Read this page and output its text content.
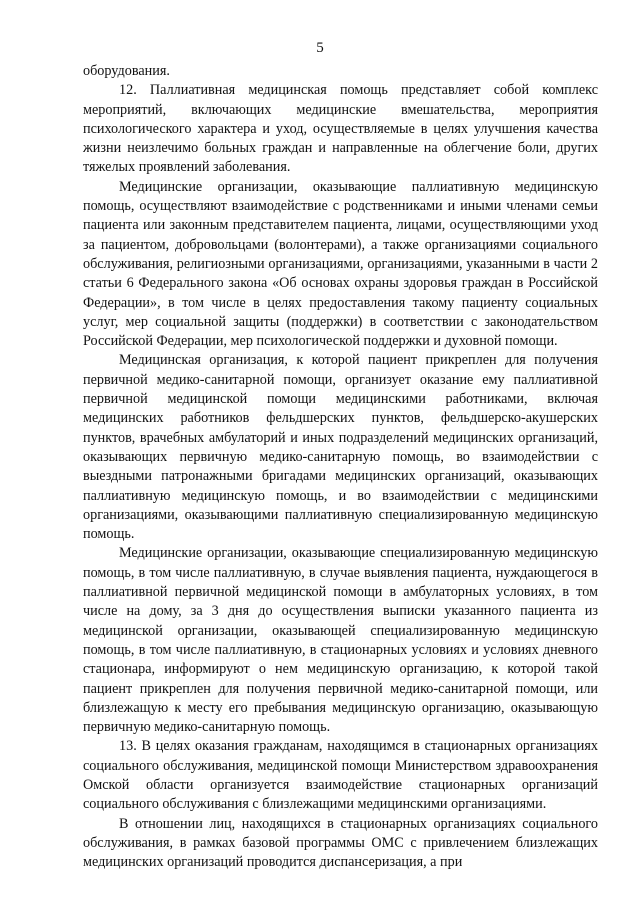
5

оборудования.

12. Паллиативная медицинская помощь представляет собой комплекс мероприятий, включающих медицинские вмешательства, мероприятия психологического характера и уход, осуществляемые в целях улучшения качества жизни неизлечимо больных граждан и направленные на облегчение боли, других тяжелых проявлений заболевания.

Медицинские организации, оказывающие паллиативную медицинскую помощь, осуществляют взаимодействие с родственниками и иными членами семьи пациента или законным представителем пациента, лицами, осуществляющими уход за пациентом, добровольцами (волонтерами), а также организациями социального обслуживания, религиозными организациями, организациями, указанными в части 2 статьи 6 Федерального закона «Об основах охраны здоровья граждан в Российской Федерации», в том числе в целях предоставления такому пациенту социальных услуг, мер социальной защиты (поддержки) в соответствии с законодательством Российской Федерации, мер психологической поддержки и духовной помощи.

Медицинская организация, к которой пациент прикреплен для получения первичной медико-санитарной помощи, организует оказание ему паллиативной первичной медицинской помощи медицинскими работниками, включая медицинских работников фельдшерских пунктов, фельдшерско-акушерских пунктов, врачебных амбулаторий и иных подразделений медицинских организаций, оказывающих первичную медико-санитарную помощь, во взаимодействии с выездными патронажными бригадами медицинских организаций, оказывающих паллиативную медицинскую помощь, и во взаимодействии с медицинскими организациями, оказывающими паллиативную специализированную медицинскую помощь.

Медицинские организации, оказывающие специализированную медицинскую помощь, в том числе паллиативную, в случае выявления пациента, нуждающегося в паллиативной первичной медицинской помощи в амбулаторных условиях, в том числе на дому, за 3 дня до осуществления выписки указанного пациента из медицинской организации, оказывающей специализированную медицинскую помощь, в том числе паллиативную, в стационарных условиях и условиях дневного стационара, информируют о нем медицинскую организацию, к которой такой пациент прикреплен для получения первичной медико-санитарной помощи, или близлежащую к месту его пребывания медицинскую организацию, оказывающую первичную медико-санитарную помощь.

13. В целях оказания гражданам, находящимся в стационарных организациях социального обслуживания, медицинской помощи Министерством здравоохранения Омской области организуется взаимодействие стационарных организаций социального обслуживания с близлежащими медицинскими организациями.

В отношении лиц, находящихся в стационарных организациях социального обслуживания, в рамках базовой программы ОМС с привлечением близлежащих медицинских организаций проводится диспансеризация, а при
